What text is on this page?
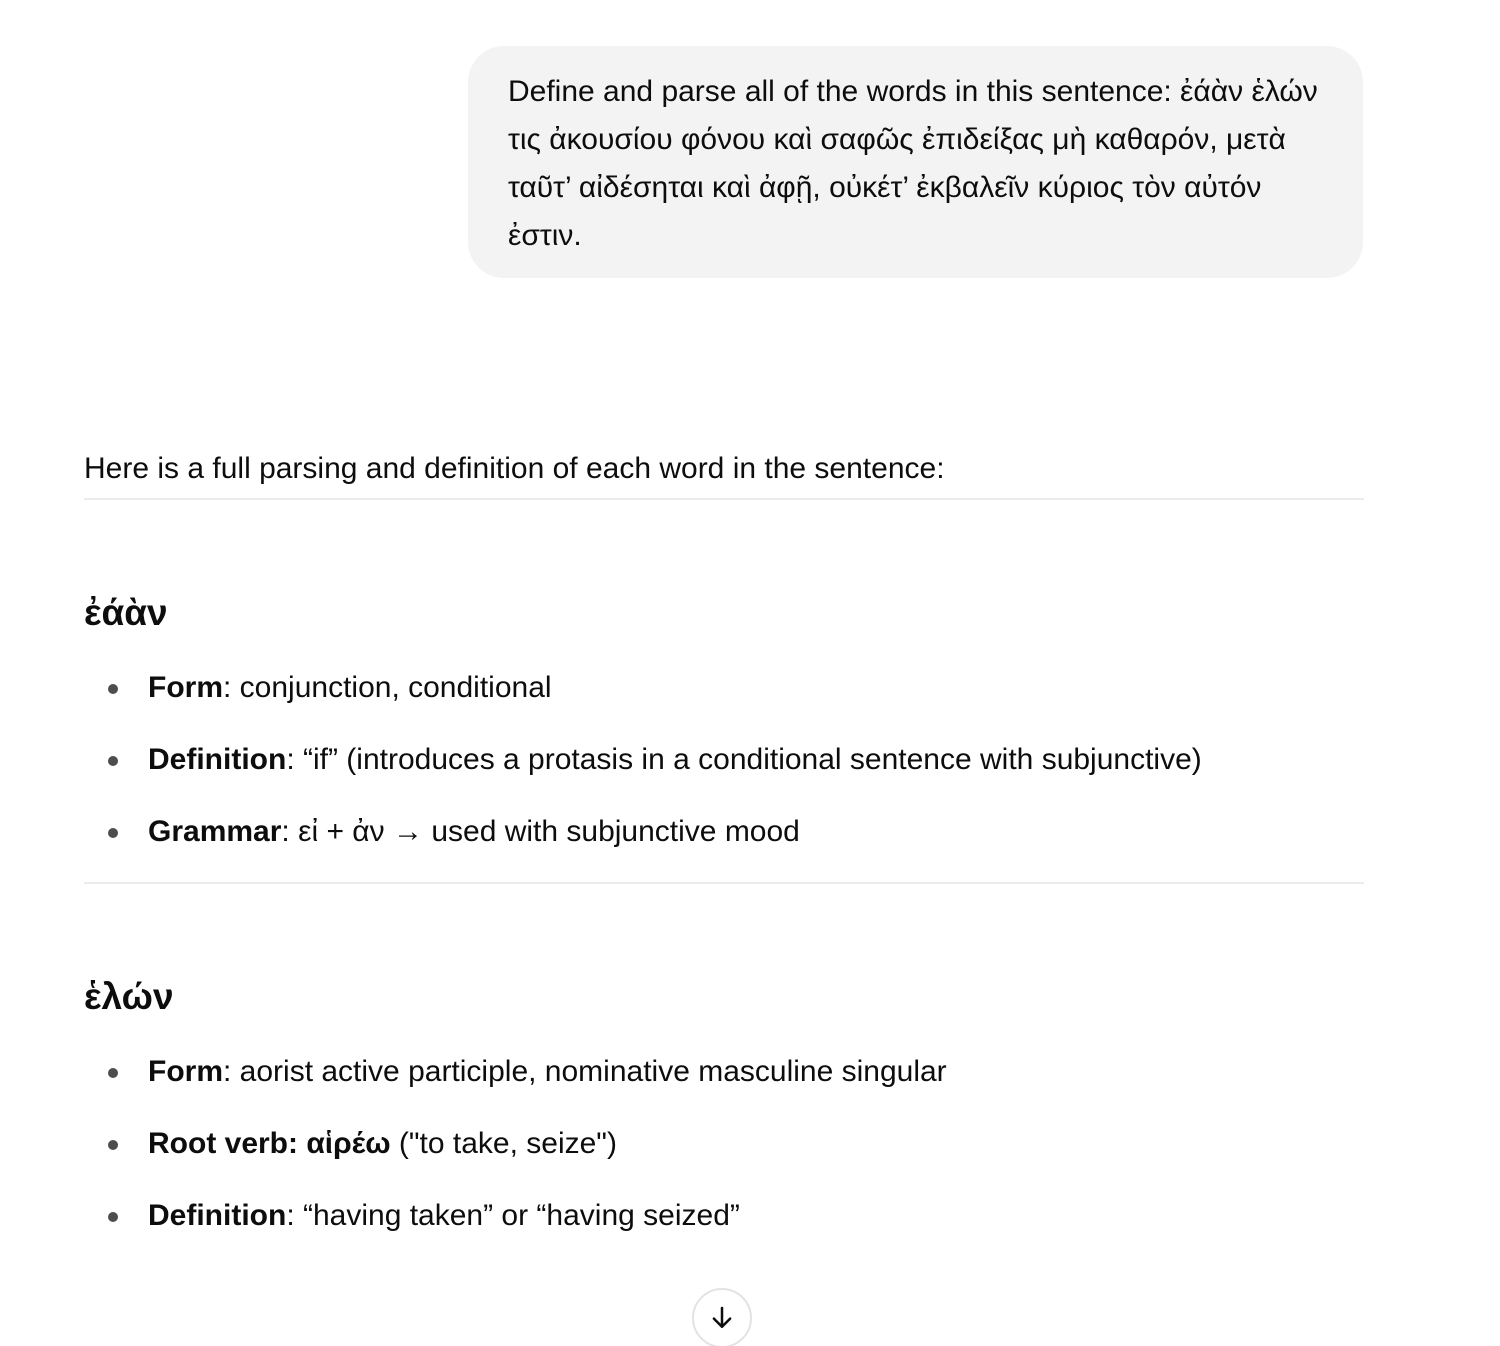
Define and parse all of the words in this sentence: ἐάὰν ἑλών τις ἀκουσίου φόνου καὶ σαφῶς ἐπιδείξας μὴ καθαρόν, μετὰ ταῦτ’ αἰδέσηται καὶ ἀφῇ, οὐκέτ’ ἐκβαλεῖν κύριος τὸν αὐτόν ἐστιν.

Here is a full parsing and definition of each word in the sentence:

ἐάὰν
Form: conjunction, conditional
Definition: “if” (introduces a protasis in a conditional sentence with subjunctive)
Grammar: εἰ + ἀν → used with subjunctive mood
ἑλών
Form: aorist active participle, nominative masculine singular
Root verb: αἱρέω ("to take, seize")
Definition: “having taken” or “having seized”
